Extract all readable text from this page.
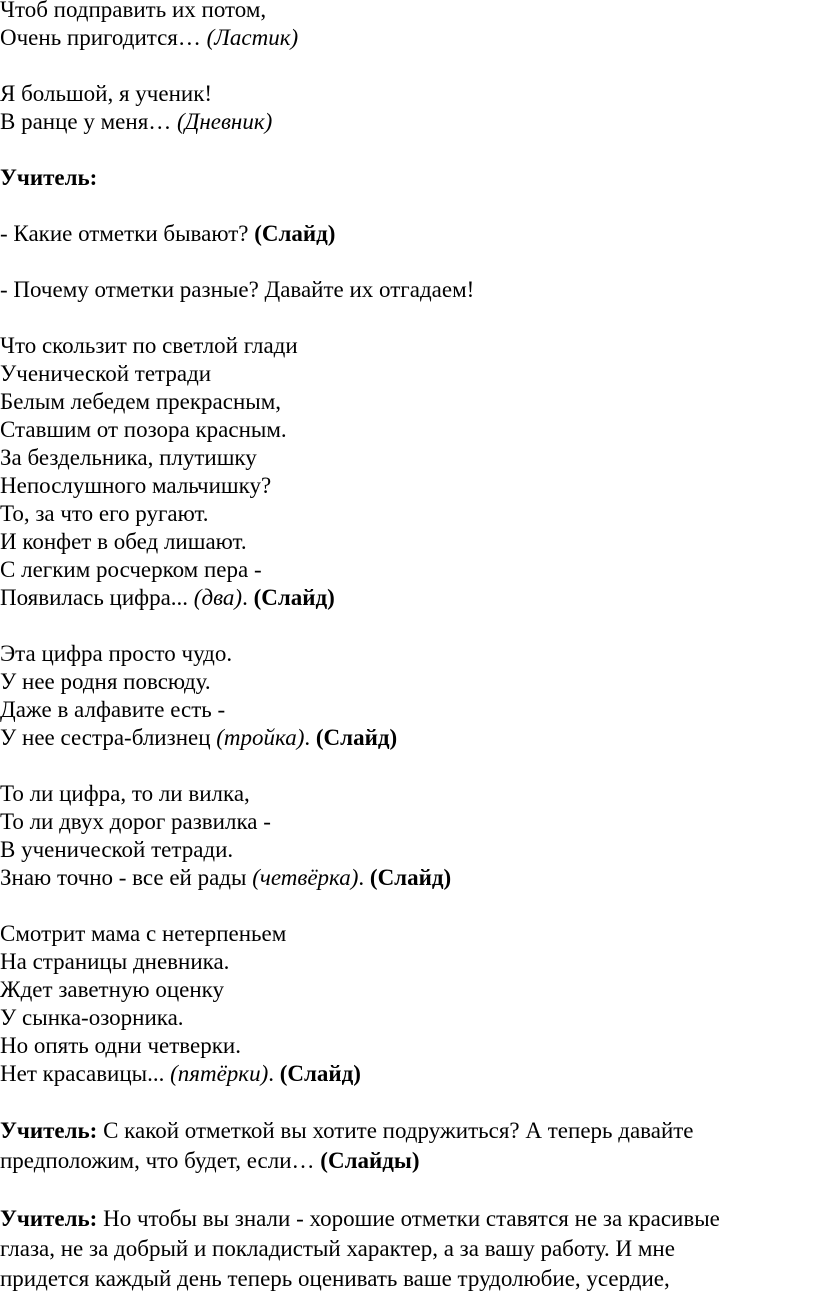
Чтоб подправить их потом,
Очень пригодится… (Ластик)
Я большой, я ученик!
В ранце у меня… (Дневник)
Учитель:
- Какие отметки бывают? (Слайд)
- Почему отметки разные? Давайте их отгадаем!
Что скользит по светлой глади
Ученической тетради
Белым лебедем прекрасным,
Ставшим от позора красным.
За бездельника, плутишку
Непослушного мальчишку?
То, за что его ругают.
И конфет в обед лишают.
С легким росчерком пера -
Появилась цифра... (два). (Слайд)
Эта цифра просто чудо.
У нее родня повсюду.
Даже в алфавите есть -
У нее сестра-близнец (тройка). (Слайд)
То ли цифра, то ли вилка,
То ли двух дорог развилка -
В ученической тетради.
Знаю точно - все ей рады (четвёрка). (Слайд)
Смотрит мама с нетерпеньем
На страницы дневника.
Ждет заветную оценку
У сынка-озорника.
Но опять одни четверки.
Нет красавицы... (пятёрки). (Слайд)
Учитель: С какой отметкой вы хотите подружиться? А теперь давайте
предположим, что будет, если… (Слайды)
Учитель: Но чтобы вы знали - хорошие отметки ставятся не за красивые
глаза, не за добрый и покладистый характер, а за вашу работу. И мне
придется каждый день теперь оценивать ваше трудолюбие, усердие,
